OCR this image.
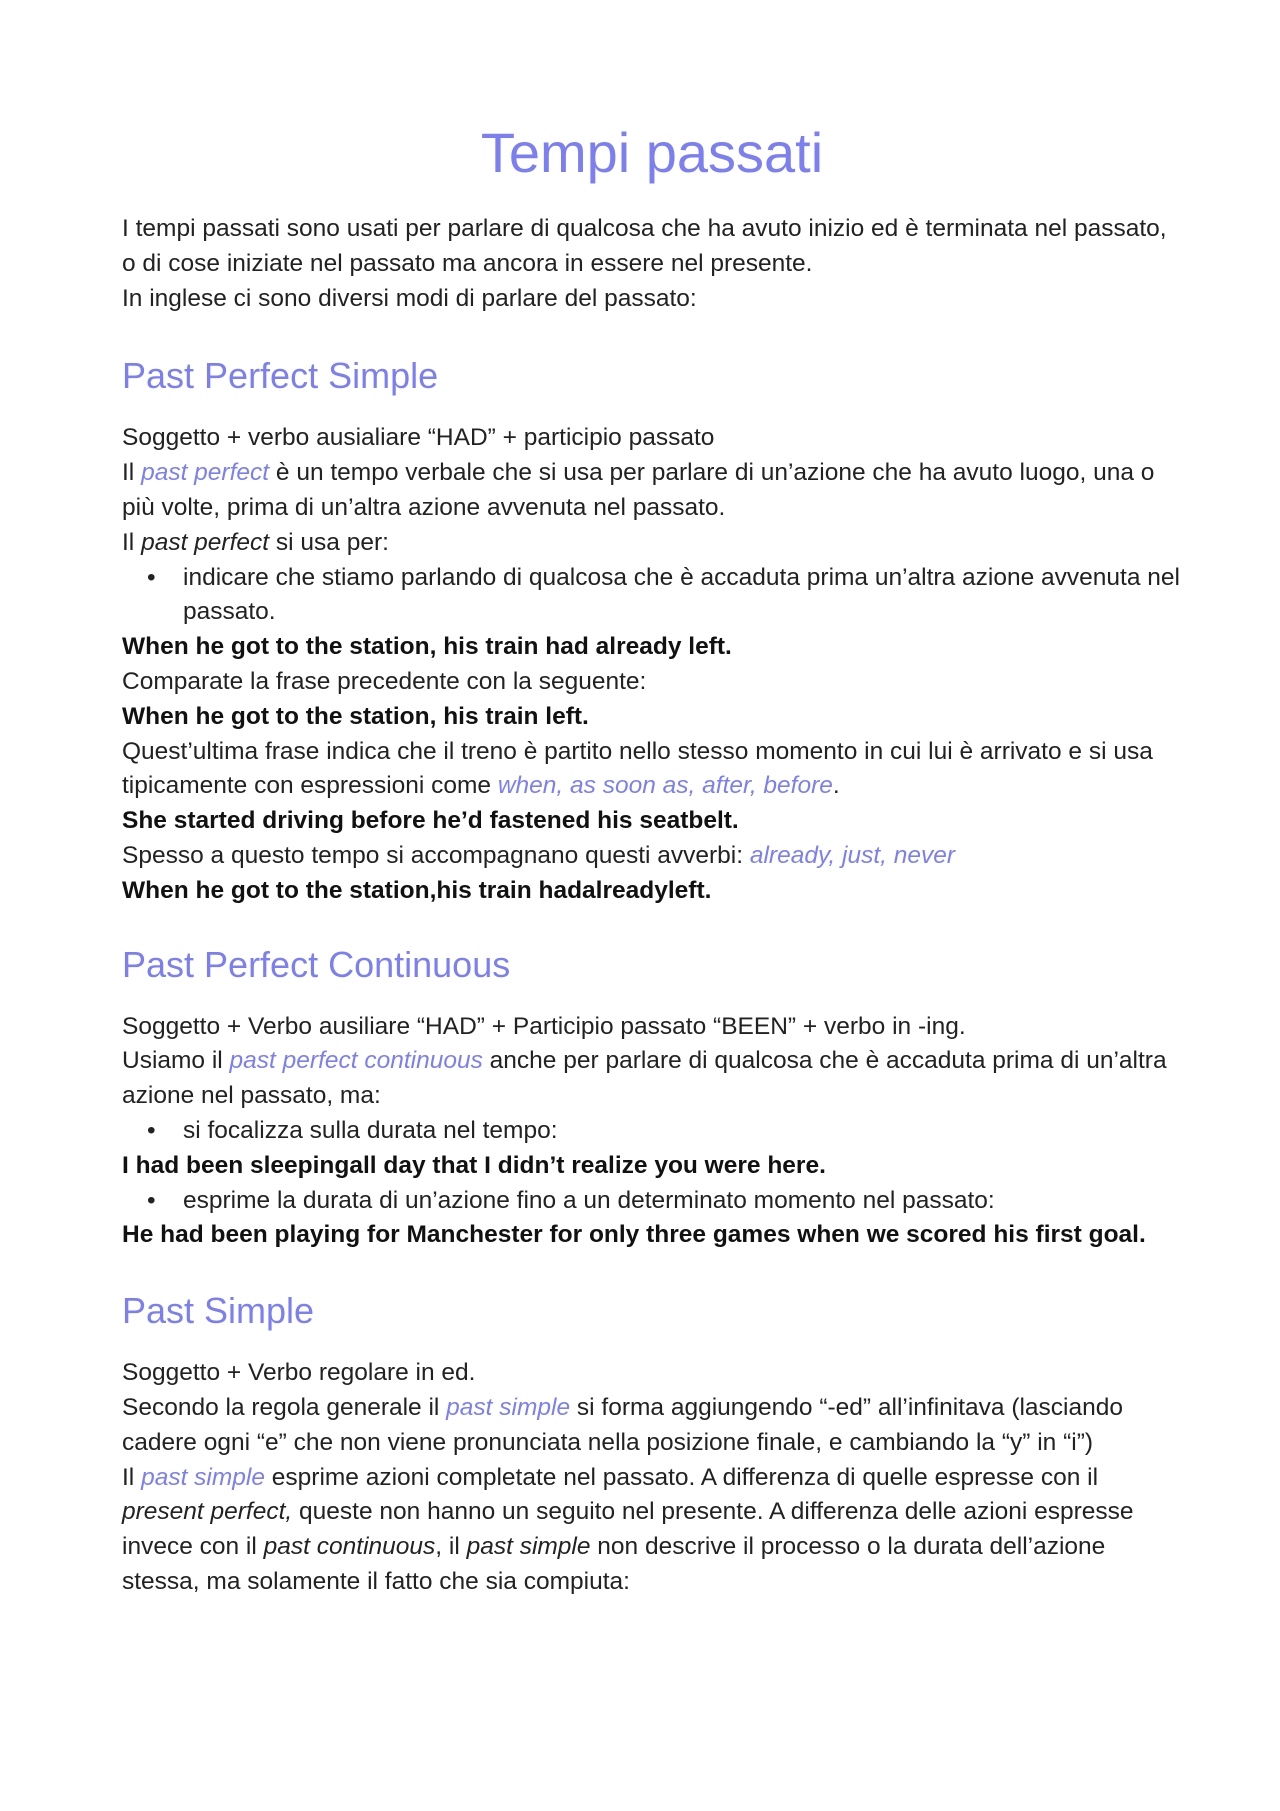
Tempi passati

I tempi passati sono usati per parlare di qualcosa che ha avuto inizio ed è terminata nel passato, o di cose iniziate nel passato ma ancora in essere nel presente.

In inglese ci sono diversi modi di parlare del passato:

Past Perfect Simple

Soggetto + verbo ausialiare “HAD” + participio passato

Il past perfect è un tempo verbale che si usa per parlare di un’azione che ha avuto luogo, una o più volte, prima di un’altra azione avvenuta nel passato.

Il past perfect si usa per:

• indicare che stiamo parlando di qualcosa che è accaduta prima un’altra azione avvenuta nel passato.

When he got to the station, his train had already left.

Comparate la frase precedente con la seguente:

When he got to the station, his train left.

Quest’ultima frase indica che il treno è partito nello stesso momento in cui lui è arrivato e si usa tipicamente con espressioni come when, as soon as, after, before.

She started driving before he’d fastened his seatbelt.

Spesso a questo tempo si accompagnano questi avverbi: already, just, never

When he got to the station,his train hadalreadyleft.

Past Perfect Continuous

Soggetto + Verbo ausiliare “HAD” + Participio passato “BEEN” + verbo in -ing.

Usiamo il past perfect continuous anche per parlare di qualcosa che è accaduta prima di un’altra azione nel passato, ma:

• si focalizza sulla durata nel tempo:

I had been sleepingall day that I didn’t realize you were here.

• esprime la durata di un’azione fino a un determinato momento nel passato:

He had been playing for Manchester for only three games when we scored his first goal.

Past Simple

Soggetto + Verbo regolare in ed.

Secondo la regola generale il past simple si forma aggiungendo “-ed” all’infinitava (lasciando cadere ogni “e” che non viene pronunciata nella posizione finale, e cambiando la “y” in “i”)

Il past simple esprime azioni completate nel passato. A differenza di quelle espresse con il present perfect, queste non hanno un seguito nel presente. A differenza delle azioni espresse invece con il past continuous, il past simple non descrive il processo o la durata dell’azione stessa, ma solamente il fatto che sia compiuta:
